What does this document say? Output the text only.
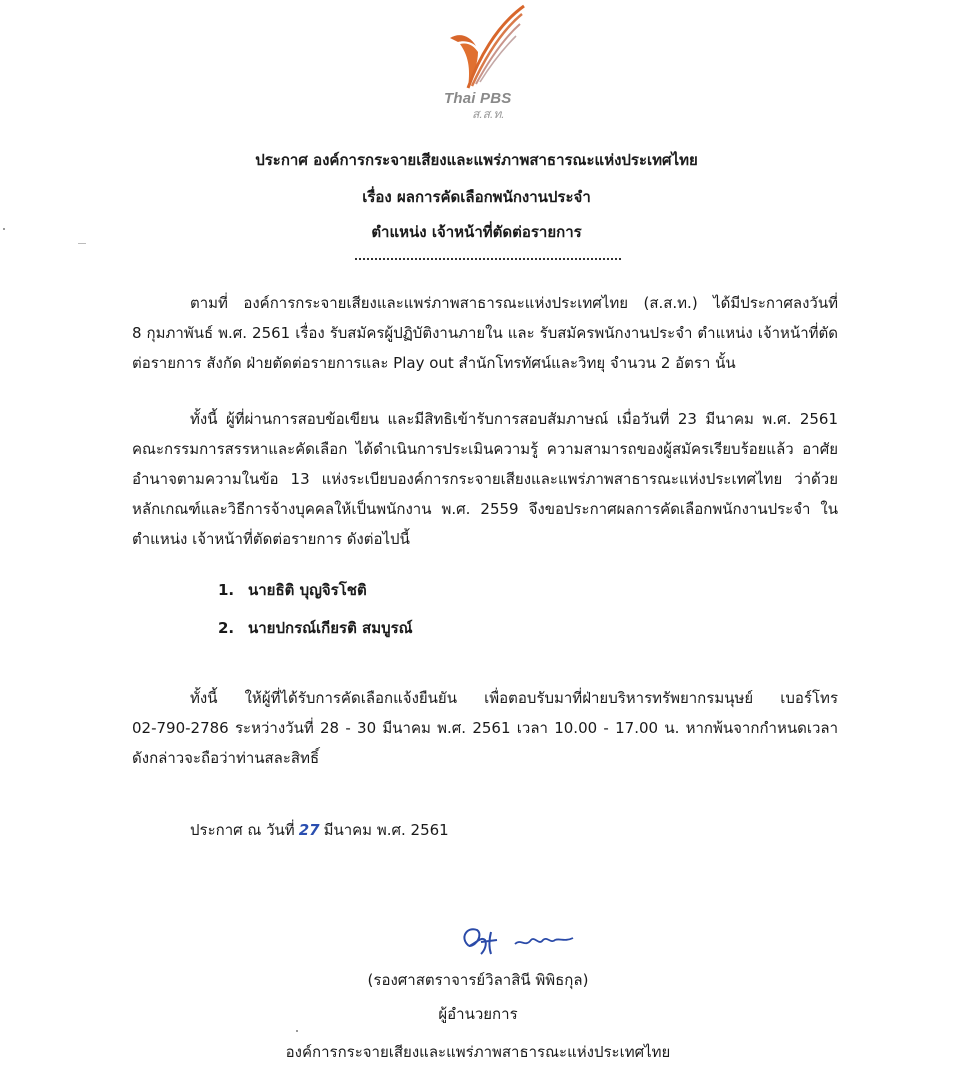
Thai PBS
ส.ส.ท.
ประกาศ องค์การกระจายเสียงและแพร่ภาพสาธารณะแห่งประเทศไทย
เรื่อง ผลการคัดเลือกพนักงานประจำ
ตำแหน่ง เจ้าหน้าที่ตัดต่อรายการ
ตามที่ องค์การกระจายเสียงและแพร่ภาพสาธารณะแห่งประเทศไทย (ส.ส.ท.) ได้มีประกาศลงวันที่
8 กุมภาพันธ์ พ.ศ. 2561 เรื่อง รับสมัครผู้ปฏิบัติงานภายใน และ รับสมัครพนักงานประจำ ตำแหน่ง เจ้าหน้าที่ตัด
ต่อรายการ สังกัด ฝ่ายตัดต่อรายการและ Play out สำนักโทรทัศน์และวิทยุ จำนวน 2 อัตรา นั้น
ทั้งนี้ ผู้ที่ผ่านการสอบข้อเขียน และมีสิทธิเข้ารับการสอบสัมภาษณ์ เมื่อวันที่ 23 มีนาคม พ.ศ. 2561
คณะกรรมการสรรหาและคัดเลือก ได้ดำเนินการประเมินความรู้ ความสามารถของผู้สมัครเรียบร้อยแล้ว อาศัย
อำนาจตามความในข้อ 13 แห่งระเบียบองค์การกระจายเสียงและแพร่ภาพสาธารณะแห่งประเทศไทย ว่าด้วย
หลักเกณฑ์และวิธีการจ้างบุคคลให้เป็นพนักงาน พ.ศ. 2559 จึงขอประกาศผลการคัดเลือกพนักงานประจำ ใน
ตำแหน่ง เจ้าหน้าที่ตัดต่อรายการ ดังต่อไปนี้
1. นายธิติ บุญจิรโชติ
2. นายปกรณ์เกียรติ สมบูรณ์
ทั้งนี้ ให้ผู้ที่ได้รับการคัดเลือกแจ้งยืนยัน เพื่อตอบรับมาที่ฝ่ายบริหารทรัพยากรมนุษย์ เบอร์โทร
02-790-2786 ระหว่างวันที่ 28 - 30 มีนาคม พ.ศ. 2561 เวลา 10.00 - 17.00 น. หากพ้นจากกำหนดเวลา
ดังกล่าวจะถือว่าท่านสละสิทธิ์
ประกาศ ณ วันที่ 27 มีนาคม พ.ศ. 2561
(รองศาสตราจารย์วิลาสินี พิพิธกุล)
ผู้อำนวยการ
องค์การกระจายเสียงและแพร่ภาพสาธารณะแห่งประเทศไทย
